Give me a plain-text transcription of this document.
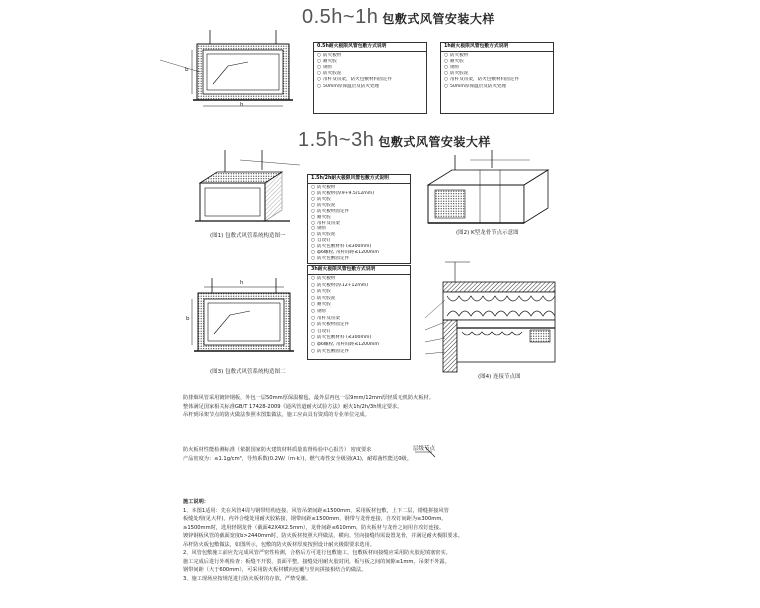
0.5h~1h 包敷式风管安装大样
1.5h~3h 包敷式风管安装大样
b
h
b
h
0.5h耐火极限风管包敷方式说明
○ 防火板材
○ 耐火胶
○ 钢带
○ 防火胶泥
○ 吊杆及吊架，防火包敷材料固定件
○ 50mm厚保温层及防火处理
1h耐火极限风管包敷方式说明
○ 防火板材
○ 耐火胶
○ 钢带
○ 防火胶泥
○ 吊杆及吊架，防火包敷材料固定件
○ 50mm厚保温层及防火处理
1.5h/2h耐火极限风管包敷方式说明
○ 防火板材
○ 防火板材(厚9+9.5/12mm)
○ 防火胶
○ 防火胶泥
○ 防火板材固定件
○ 耐火胶
○ 吊杆及吊架
○ 钢带
○ 防火胶泥
○ 自攻钉
○ 防火包敷材料 (≤300mm)
○ ф6螺栓, 吊杆间距≤1200mm
○ 防火包敷固定件
3h耐火极限风管包敷方式说明
○ 防火板材
○ 防火板材(厚12+12mm)
○ 防火胶
○ 防火胶泥
○ 耐火胶
○ 钢带
○ 吊杆及吊架
○ 防火板材固定件
○ 自攻钉
○ 防火包敷材料 (≤300mm)
○ ф6螺栓, 吊杆间距≤1200mm
○ 防火包敷固定件
(图1) 包敷式风管系统构造图一	(图2) K型龙骨节点示意图
(图3) 包敷式风管系统构造图二
(图4) 连接节点图

防排烟风管采用镀锌钢板，外包一层50mm厚保温棉毡，最外层再包一层9mm/12mm厚轻质无机防火板材。

整体满足国家相关标准GB/T 17428-2009《通风管道耐火试验方法》耐火1h/2h/3h规定要求。

吊杆到吊架节点的防火做法参照本图集做法，施工应由具有资质的专业单位完成。

防火板材性能检测标准（依据国家防火建筑材料质量监督检验中心报告） 密度要求

产品密度为：≤1.1g/cm³，导热系数(0.2W/（m·k）)，燃气毒性安全级别(A1)，耐霉菌性能达0级。

层级节点

施工说明：

1、本图1适用：先在风管4周与钢带结构连接，风管吊架间距≤1500mm，采用板材包敷，上下二层，错缝拼接风管

板缝处理(见大样)，内外合缝处用耐火胶粘接，钢带间距≤1500mm，钢带与龙骨连接，自攻钉间距为≤300mm。

≥1500mm时，选用轻钢龙骨（截面42X4X2.5mm），龙骨间距≤610mm，防火板材与龙骨之间用自攻钉连接。

镀锌钢板风管的截面宽度b>2440mm时，防火板材按照大样做法，横向、竖向接缝均需设置龙骨，并满足耐火极限要求。

吊杆防火板包敷做法，如图所示，包敷的防火板材厚度按照设计耐火极限要求选用。

2、风管包敷施工前应先完成风管严密性检测，合格后方可进行包敷施工，包敷板材间接缝应采用防火胶泥填塞密实。

施工完成后进行外观检查：板缝不开裂，表面平整，接缝处用耐火胶封闭，板与板之间的间隙≤1mm，吊架不外露。

钢带间距（大于600mm），可采用防火板材横向包覆与竖向拼接相结合的做法。

3、施工现场应按规范进行防火板材的存放，严禁受潮。
